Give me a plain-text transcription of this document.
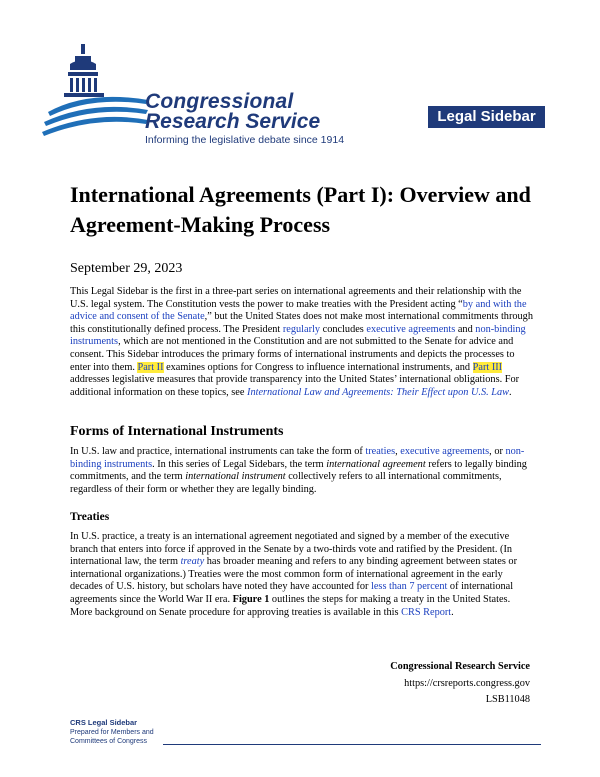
Congressional
Research Service
Informing the legislative debate since 1914
Legal Sidebar
International Agreements (Part I): Overview and Agreement-Making Process
September 29, 2023
This Legal Sidebar is the first in a three-part series on international agreements and their relationship with the U.S. legal system. The Constitution vests the power to make treaties with the President acting “by and with the advice and consent of the Senate,” but the United States does not make most international commitments through this constitutionally defined process. The President regularly concludes executive agreements and non-binding instruments, which are not mentioned in the Constitution and are not submitted to the Senate for advice and consent. This Sidebar introduces the primary forms of international instruments and depicts the processes to enter into them. Part II examines options for Congress to influence international instruments, and Part III addresses legislative measures that provide transparency into the United States’ international obligations. For additional information on these topics, see International Law and Agreements: Their Effect upon U.S. Law.
Forms of International Instruments
In U.S. law and practice, international instruments can take the form of treaties, executive agreements, or non-binding instruments. In this series of Legal Sidebars, the term international agreement refers to legally binding commitments, and the term international instrument collectively refers to all international commitments, regardless of their form or whether they are legally binding.
Treaties
In U.S. practice, a treaty is an international agreement negotiated and signed by a member of the executive branch that enters into force if approved in the Senate by a two-thirds vote and ratified by the President. (In international law, the term treaty has broader meaning and refers to any binding agreement between states or international organizations.) Treaties were the most common form of international agreement in the early decades of U.S. history, but scholars have noted they have accounted for less than 7 percent of international agreements since the World War II era. Figure 1 outlines the steps for making a treaty in the United States. More background on Senate procedure for approving treaties is available in this CRS Report.
Congressional Research Service
https://crsreports.congress.gov
LSB11048
CRS Legal Sidebar
Prepared for Members and
Committees of Congress
